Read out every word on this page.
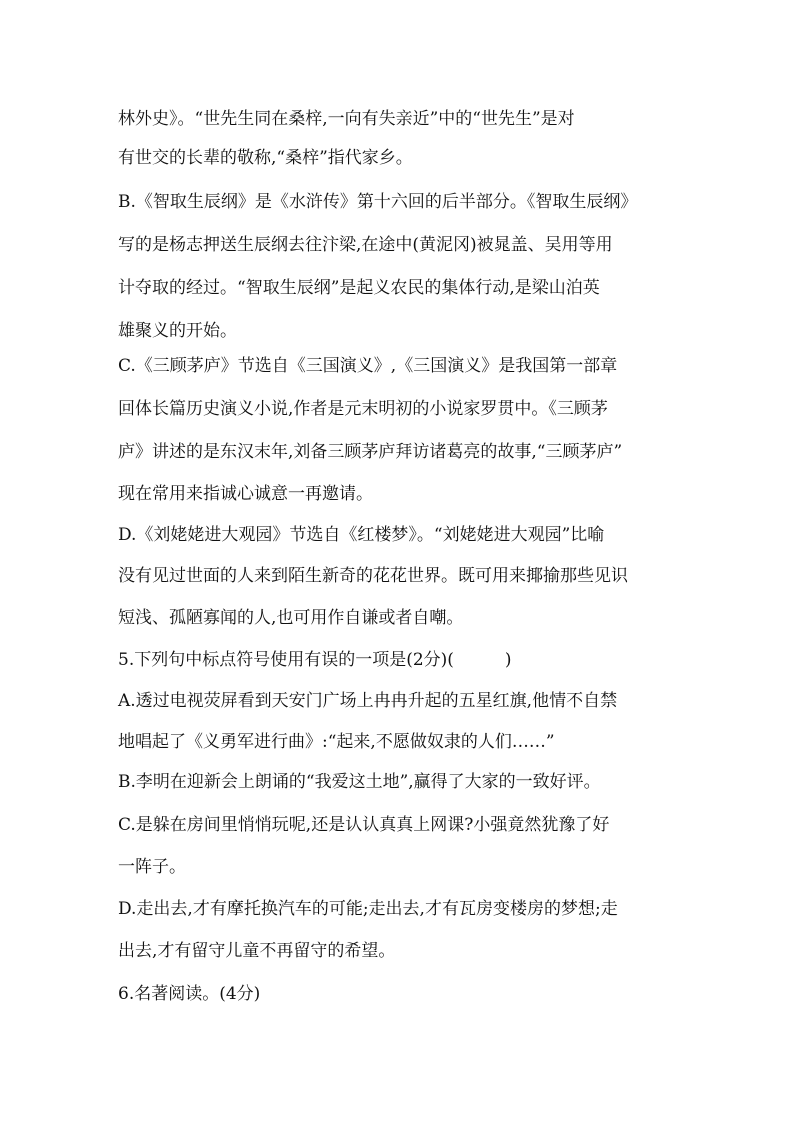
林外史》。“世先生同在桑梓,一向有失亲近”中的“世先生”是对
有世交的长辈的敬称,“桑梓”指代家乡。
B.《智取生辰纲》是《水浒传》第十六回的后半部分。《智取生辰纲》
写的是杨志押送生辰纲去往汴梁,在途中(黄泥冈)被晁盖、吴用等用
计夺取的经过。“智取生辰纲”是起义农民的集体行动,是梁山泊英
雄聚义的开始。
C.《三顾茅庐》节选自《三国演义》,《三国演义》是我国第一部章
回体长篇历史演义小说,作者是元末明初的小说家罗贯中。《三顾茅
庐》讲述的是东汉末年,刘备三顾茅庐拜访诸葛亮的故事,“三顾茅庐”
现在常用来指诚心诚意一再邀请。
D.《刘姥姥进大观园》节选自《红楼梦》。“刘姥姥进大观园”比喻
没有见过世面的人来到陌生新奇的花花世界。既可用来揶揄那些见识
短浅、孤陋寡闻的人,也可用作自谦或者自嘲。
5.下列句中标点符号使用有误的一项是(2分)(　　　)
A.透过电视荧屏看到天安门广场上冉冉升起的五星红旗,他情不自禁
地唱起了《义勇军进行曲》:“起来,不愿做奴隶的人们……”
B.李明在迎新会上朗诵的“我爱这土地”,赢得了大家的一致好评。
C.是躲在房间里悄悄玩呢,还是认认真真上网课?小强竟然犹豫了好
一阵子。
D.走出去,才有摩托换汽车的可能;走出去,才有瓦房变楼房的梦想;走
出去,才有留守儿童不再留守的希望。
6.名著阅读。(4分)
